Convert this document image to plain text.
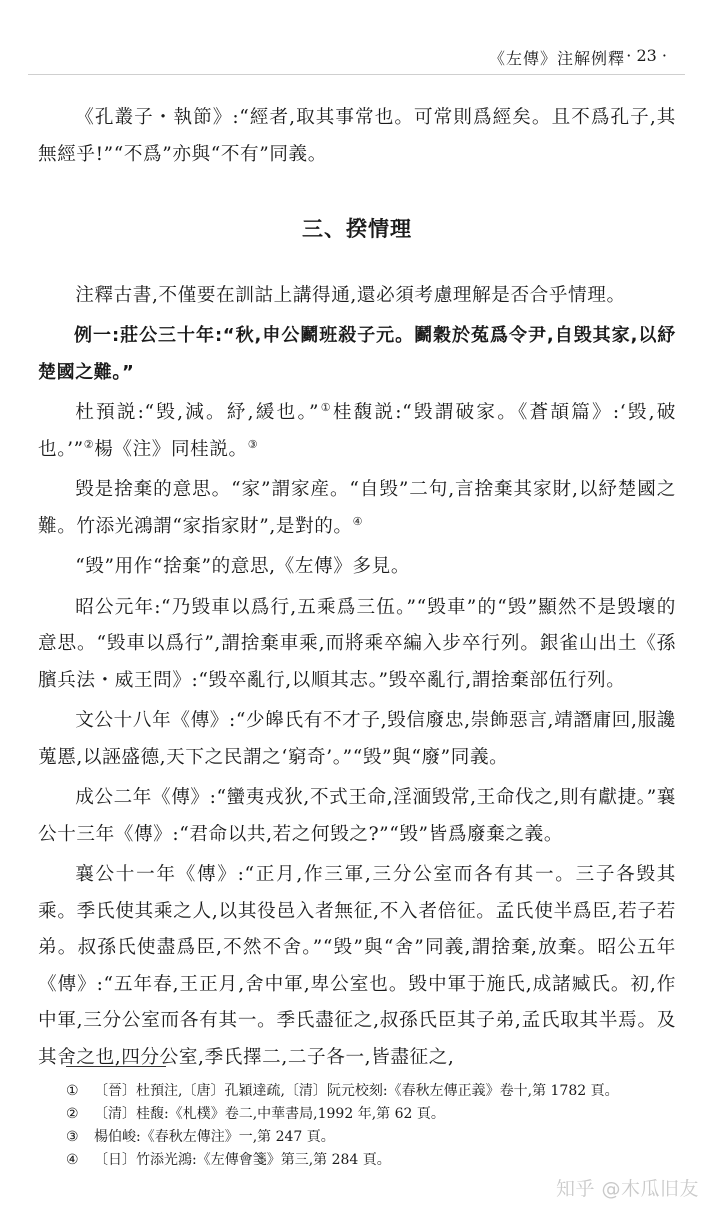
《左傳》注解例釋 · 23 ·

《孔叢子・執節》:“經者,取其事常也。可常則爲經矣。且不爲孔子,其無經乎!”“不爲”亦與“不有”同義。

三、揆情理

注釋古書,不僅要在訓詁上講得通,還必須考慮理解是否合乎情理。

例一:莊公三十年:“秋,申公鬬班殺子元。鬬穀於菟爲令尹,自毁其家,以紓楚國之難。”

杜預説:“毁,減。紓,緩也。”①桂馥説:“毁謂破家。《蒼頡篇》:‘毁,破也。’”②楊《注》同桂説。③

毁是捨棄的意思。“家”謂家産。“自毁”二句,言捨棄其家財,以紓楚國之難。竹添光鴻謂“家指家財”,是對的。④

“毁”用作“捨棄”的意思,《左傳》多見。

昭公元年:“乃毁車以爲行,五乘爲三伍。”“毁車”的“毁”顯然不是毁壞的意思。“毁車以爲行”,謂捨棄車乘,而將乘卒編入步卒行列。銀雀山出土《孫臏兵法・威王問》:“毁卒亂行,以順其志。”毁卒亂行,謂捨棄部伍行列。

文公十八年《傳》:“少皞氏有不才子,毁信廢忠,崇飾惡言,靖譖庸回,服讒蒐慝,以誣盛德,天下之民謂之‘窮奇’。”“毁”與“廢”同義。

成公二年《傳》:“蠻夷戎狄,不式王命,淫湎毁常,王命伐之,則有獻捷。”襄公十三年《傳》:“君命以共,若之何毁之?”“毁”皆爲廢棄之義。

襄公十一年《傳》:“正月,作三軍,三分公室而各有其一。三子各毁其乘。季氏使其乘之人,以其役邑入者無征,不入者倍征。孟氏使半爲臣,若子若弟。叔孫氏使盡爲臣,不然不舍。”“毁”與“舍”同義,謂捨棄,放棄。昭公五年《傳》:“五年春,王正月,舍中軍,卑公室也。毁中軍于施氏,成諸臧氏。初,作中軍,三分公室而各有其一。季氏盡征之,叔孫氏臣其子弟,孟氏取其半焉。及其舍之也,四分公室,季氏擇二,二子各一,皆盡征之,

① 〔晉〕杜預注,〔唐〕孔穎達疏,〔清〕阮元校刻:《春秋左傳正義》卷十,第 1782 頁。
② 〔清〕桂馥:《札樸》卷二,中華書局,1992 年,第 62 頁。
③ 楊伯峻:《春秋左傳注》一,第 247 頁。
④ 〔日〕竹添光鴻:《左傳會箋》第三,第 284 頁。
知乎 @木瓜旧友
